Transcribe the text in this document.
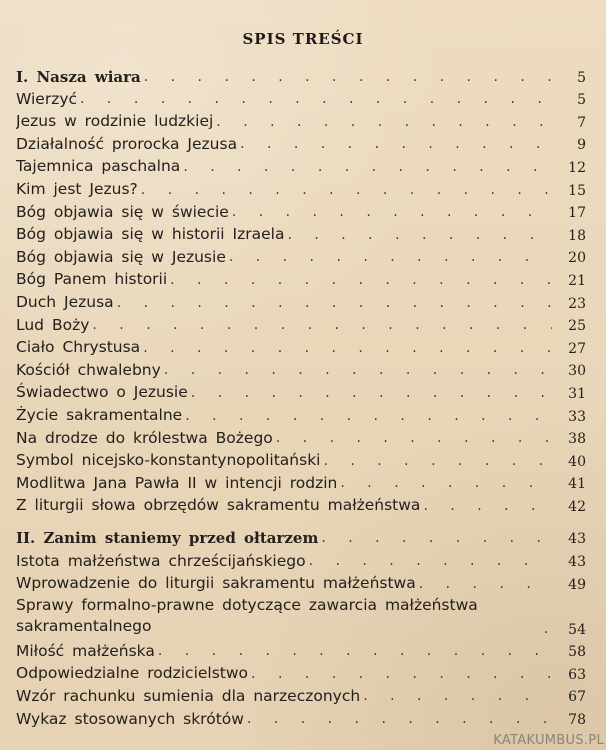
SPIS TREŚCI
I. Nasza wiara . . .	5
Wierzyć . . .	5
Jezus w rodzinie ludzkiej . . .	7
Działalność prorocka Jezusa . . .	9
Tajemnica paschalna . . .	12
Kim jest Jezus? . . .	15
Bóg objawia się w świecie . . .	17
Bóg objawia się w historii Izraela . . .	18
Bóg objawia się w Jezusie . . .	20
Bóg Panem historii . . .	21
Duch Jezusa . . .	23
Lud Boży . . .	25
Ciało Chrystusa . . .	27
Kościół chwalebny . . .	30
Świadectwo o Jezusie . . .	31
Życie sakramentalne . . .	33
Na drodze do królestwa Bożego . . .	38
Symbol nicejsko-konstantynopolitański . . .	40
Modlitwa Jana Pawła II w intencji rodzin . . .	41
Z liturgii słowa obrzędów sakramentu małżeństwa . . .	42
II. Zanim staniemy przed ołtarzem . . .	43
Istota małżeństwa chrześcijańskiego . . .	43
Wprowadzenie do liturgii sakramentu małżeństwa . . .	49
Sprawy formalno-prawne dotyczące zawarcia małżeństwa sakramentalnego . . .	54
Miłość małżeńska . . .	58
Odpowiedzialne rodzicielstwo . . .	63
Wzór rachunku sumienia dla narzeczonych . . .	67
Wykaz stosowanych skrótów . . .	78
KATAKUMBUS.PL
